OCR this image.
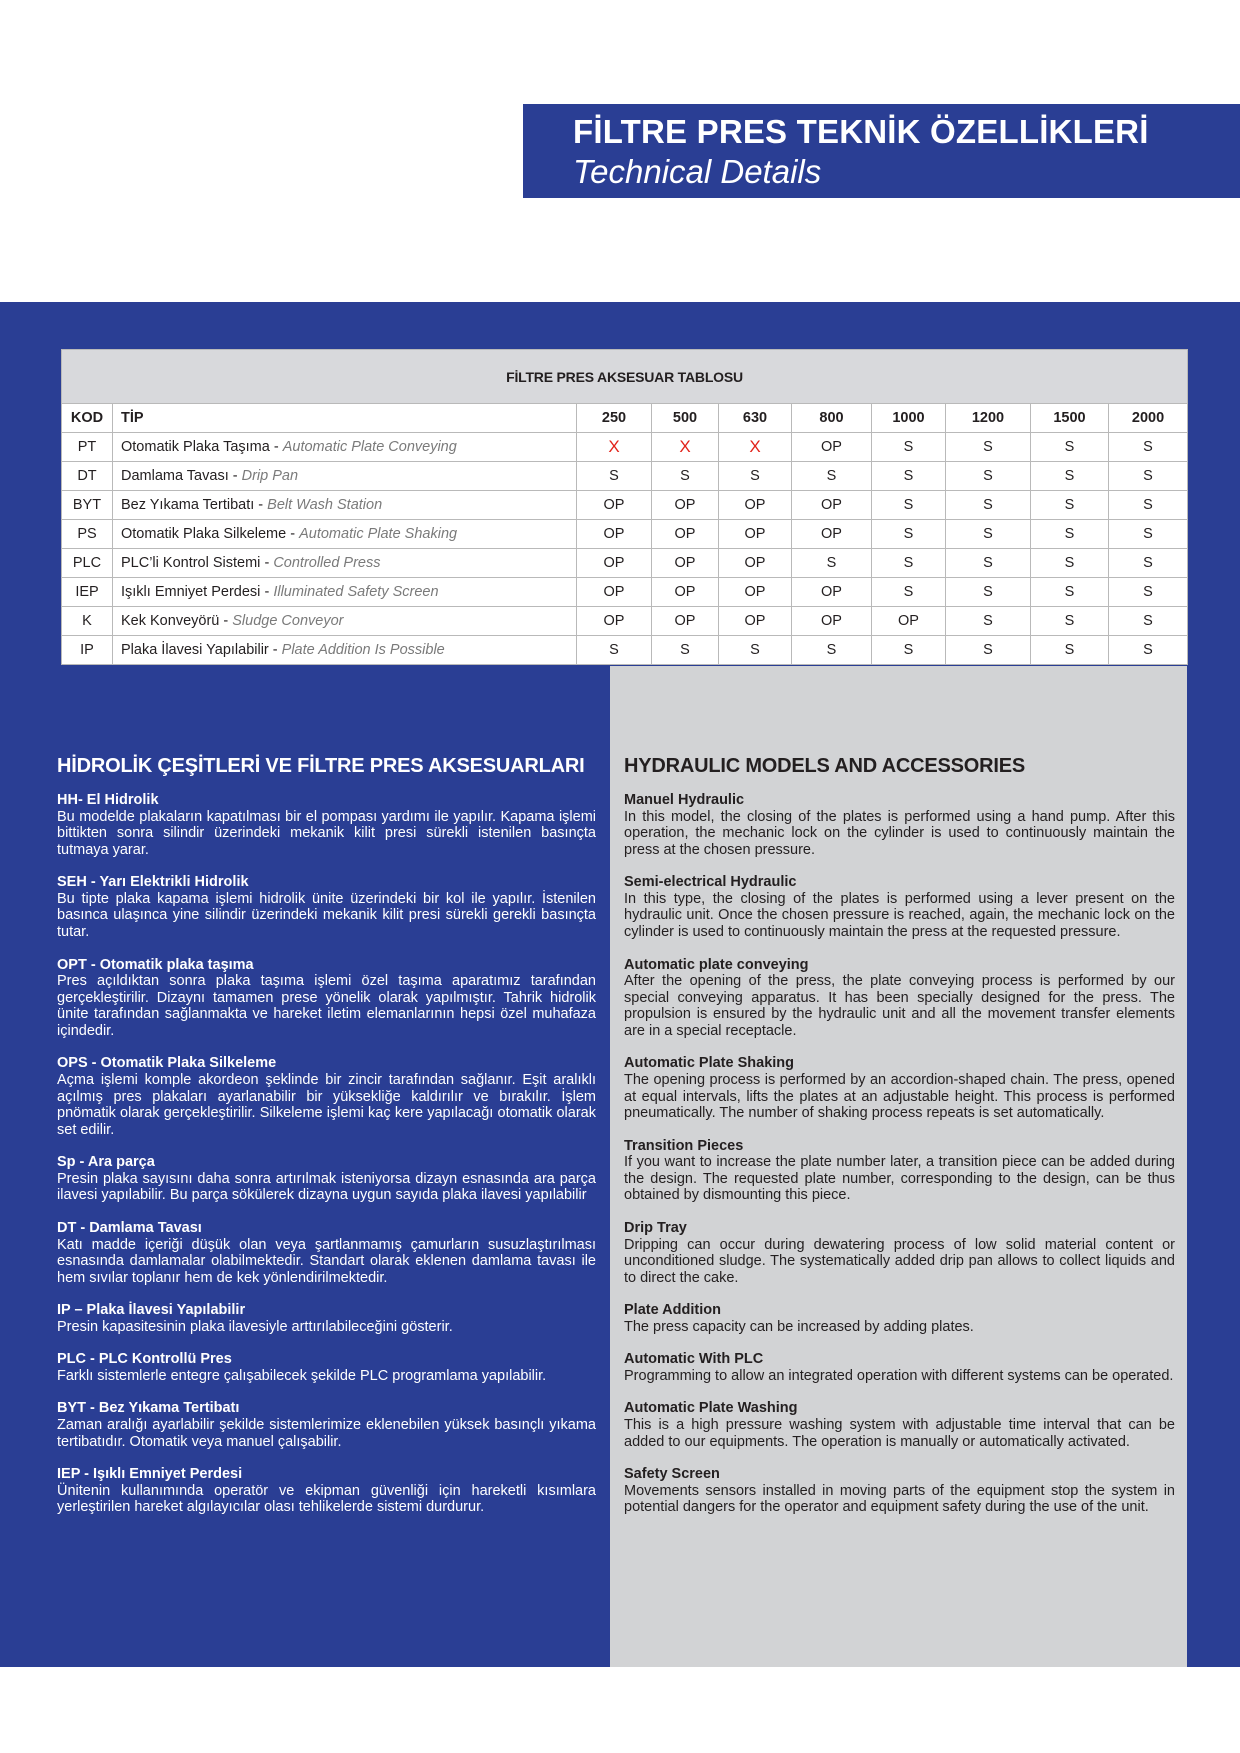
FİLTRE PRES TEKNİK ÖZELLİKLERİ
Technical Details
FİLTRE PRES AKSESUAR TABLOSU									
KOD	TİP	250	500	630	800	1000	1200	1500	2000
PT	Otomatik Plaka Taşıma - Automatic Plate Conveying	X	X	X	OP	S	S	S	S
DT	Damlama Tavası - Drip Pan	S	S	S	S	S	S	S	S
BYT	Bez Yıkama Tertibatı - Belt Wash Station	OP	OP	OP	OP	S	S	S	S
PS	Otomatik Plaka Silkeleme - Automatic Plate Shaking	OP	OP	OP	OP	S	S	S	S
PLC	PLC’li Kontrol Sistemi - Controlled Press	OP	OP	OP	S	S	S	S	S
IEP	Işıklı Emniyet Perdesi - Illuminated Safety Screen	OP	OP	OP	OP	S	S	S	S
K	Kek Konveyörü - Sludge Conveyor	OP	OP	OP	OP	OP	S	S	S
IP	Plaka İlavesi Yapılabilir - Plate Addition Is Possible	S	S	S	S	S	S	S	S
HİDROLİK ÇEŞİTLERİ VE FİLTRE PRES AKSESUARLARI
HH- El Hidrolik
Bu modelde plakaların kapatılması bir el pompası yardımı ile yapılır. Kapama işlemi bittikten sonra silindir üzerindeki mekanik kilit presi sürekli istenilen basınçta tutmaya yarar.
SEH - Yarı Elektrikli Hidrolik
Bu tipte plaka kapama işlemi hidrolik ünite üzerindeki bir kol ile yapılır. İstenilen basınca ulaşınca yine silindir üzerindeki mekanik kilit presi sürekli gerekli basınçta tutar.
OPT - Otomatik plaka taşıma
Pres açıldıktan sonra plaka taşıma işlemi özel taşıma aparatımız tarafından gerçekleştirilir. Dizaynı tamamen prese yönelik olarak yapılmıştır. Tahrik hidrolik ünite tarafından sağlanmakta ve hareket iletim elemanlarının hepsi özel muhafaza içindedir.
OPS - Otomatik Plaka Silkeleme
Açma işlemi komple akordeon şeklinde bir zincir tarafından sağlanır. Eşit aralıklı açılmış pres plakaları ayarlanabilir bir yüksekliğe kaldırılır ve bırakılır. İşlem pnömatik olarak gerçekleştirilir. Silkeleme işlemi kaç kere yapılacağı otomatik olarak set edilir.
Sp - Ara parça
Presin plaka sayısını daha sonra artırılmak isteniyorsa dizayn esnasında ara parça ilavesi yapılabilir. Bu parça sökülerek dizayna uygun sayıda plaka ilavesi yapılabilir
DT - Damlama Tavası
Katı madde içeriği düşük olan veya şartlanmamış çamurların susuzlaştırılması esnasında damlamalar olabilmektedir. Standart olarak eklenen damlama tavası ile hem sıvılar toplanır hem de kek yönlendirilmektedir.
IP – Plaka İlavesi Yapılabilir
Presin kapasitesinin plaka ilavesiyle arttırılabileceğini gösterir.
PLC - PLC Kontrollü Pres
Farklı sistemlerle entegre çalışabilecek şekilde PLC programlama yapılabilir.
BYT - Bez Yıkama Tertibatı
Zaman aralığı ayarlabilir şekilde sistemlerimize eklenebilen yüksek basınçlı yıkama tertibatıdır. Otomatik veya manuel çalışabilir.
IEP - Işıklı Emniyet Perdesi
Ünitenin kullanımında operatör ve ekipman güvenliği için hareketli kısımlara yerleştirilen hareket algılayıcılar olası tehlikelerde sistemi durdurur.
HYDRAULIC MODELS AND ACCESSORIES
Manuel Hydraulic
In this model, the closing of the plates is performed using a hand pump. After this operation, the mechanic lock on the cylinder is used to continuously maintain the press at the chosen pressure.
Semi-electrical Hydraulic
In this type, the closing of the plates is performed using a lever present on the hydraulic unit. Once the chosen pressure is reached, again, the mechanic lock on the cylinder is used to continuously maintain the press at the requested pressure.
Automatic plate conveying
After the opening of the press, the plate conveying process is performed by our special conveying apparatus. It has been specially designed for the press. The propulsion is ensured by the hydraulic unit and all the movement transfer elements are in a special receptacle.
Automatic Plate Shaking
The opening process is performed by an accordion-shaped chain. The press, opened at equal intervals, lifts the plates at an adjustable height. This process is performed pneumatically. The number of shaking process repeats is set automatically.
Transition Pieces
If you want to increase the plate number later, a transition piece can be added during the design. The requested plate number, corresponding to the design, can be thus obtained by dismounting this piece.
Drip Tray
Dripping can occur during dewatering process of low solid material content or unconditioned sludge. The systematically added drip pan allows to collect liquids and to direct the cake.
Plate Addition
The press capacity can be increased by adding plates.
Automatic With PLC
Programming to allow an integrated operation with different systems can be operated.
Automatic Plate Washing
This is a high pressure washing system with adjustable time interval that can be added to our equipments. The operation is manually or automatically activated.
Safety Screen
Movements sensors installed in moving parts of the equipment stop the system in potential dangers for the operator and equipment safety during the use of the unit.
